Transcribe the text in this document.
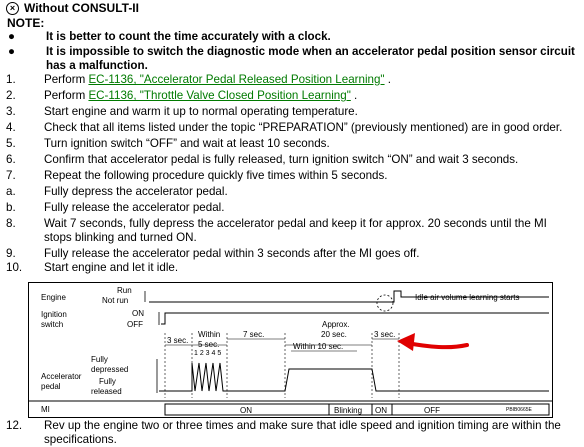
× Without CONSULT-II
NOTE:
●	It is better to count the time accurately with a clock.
●	It is impossible to switch the diagnostic mode when an accelerator pedal position sensor circuit has a malfunction.
1. Perform EC-1136, "Accelerator Pedal Released Position Learning" .
2. Perform EC-1136, "Throttle Valve Closed Position Learning" .
3. Start engine and warm it up to normal operating temperature.
4. Check that all items listed under the topic “PREPARATION” (previously mentioned) are in good order.
5. Turn ignition switch “OFF” and wait at least 10 seconds.
6. Confirm that accelerator pedal is fully released, turn ignition switch “ON” and wait 3 seconds.
7. Repeat the following procedure quickly five times within 5 seconds.
a. Fully depress the accelerator pedal.
b. Fully release the accelerator pedal.
8. Wait 7 seconds, fully depress the accelerator pedal and keep it for approx. 20 seconds until the MI stops blinking and turned ON.
9. Fully release the accelerator pedal within 3 seconds after the MI goes off.
10. Start engine and let it idle.
Engine
Run
Not run
Ignition
switch
ON
OFF
Accelerator
pedal
Fully
depressed
Fully
released
MI
Idle air volume learning starts
3 sec.
Within
5 sec.
1 2 3 4 5
7 sec.
Approx.
20 sec.
Within 10 sec.
3 sec.
ON	Blinking ON	OFF	PBIB0665E
12. Rev up the engine two or three times and make sure that idle speed and ignition timing are within the specifications.
